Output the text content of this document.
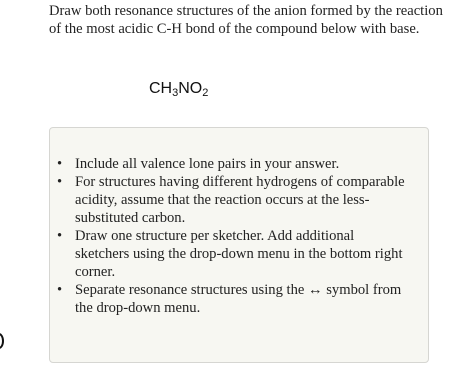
Draw both resonance structures of the anion formed by the reaction of the most acidic C-H bond of the compound below with base.

$CH_3NO_2$
• Include all valence lone pairs in your answer.
• For structures having different hydrogens of comparable acidity, assume that the reaction occurs at the less-substituted carbon.
• Draw one structure per sketcher. Add additional sketchers using the drop-down menu in the bottom right corner.
• Separate resonance structures using the ↔ symbol from the drop-down menu.
